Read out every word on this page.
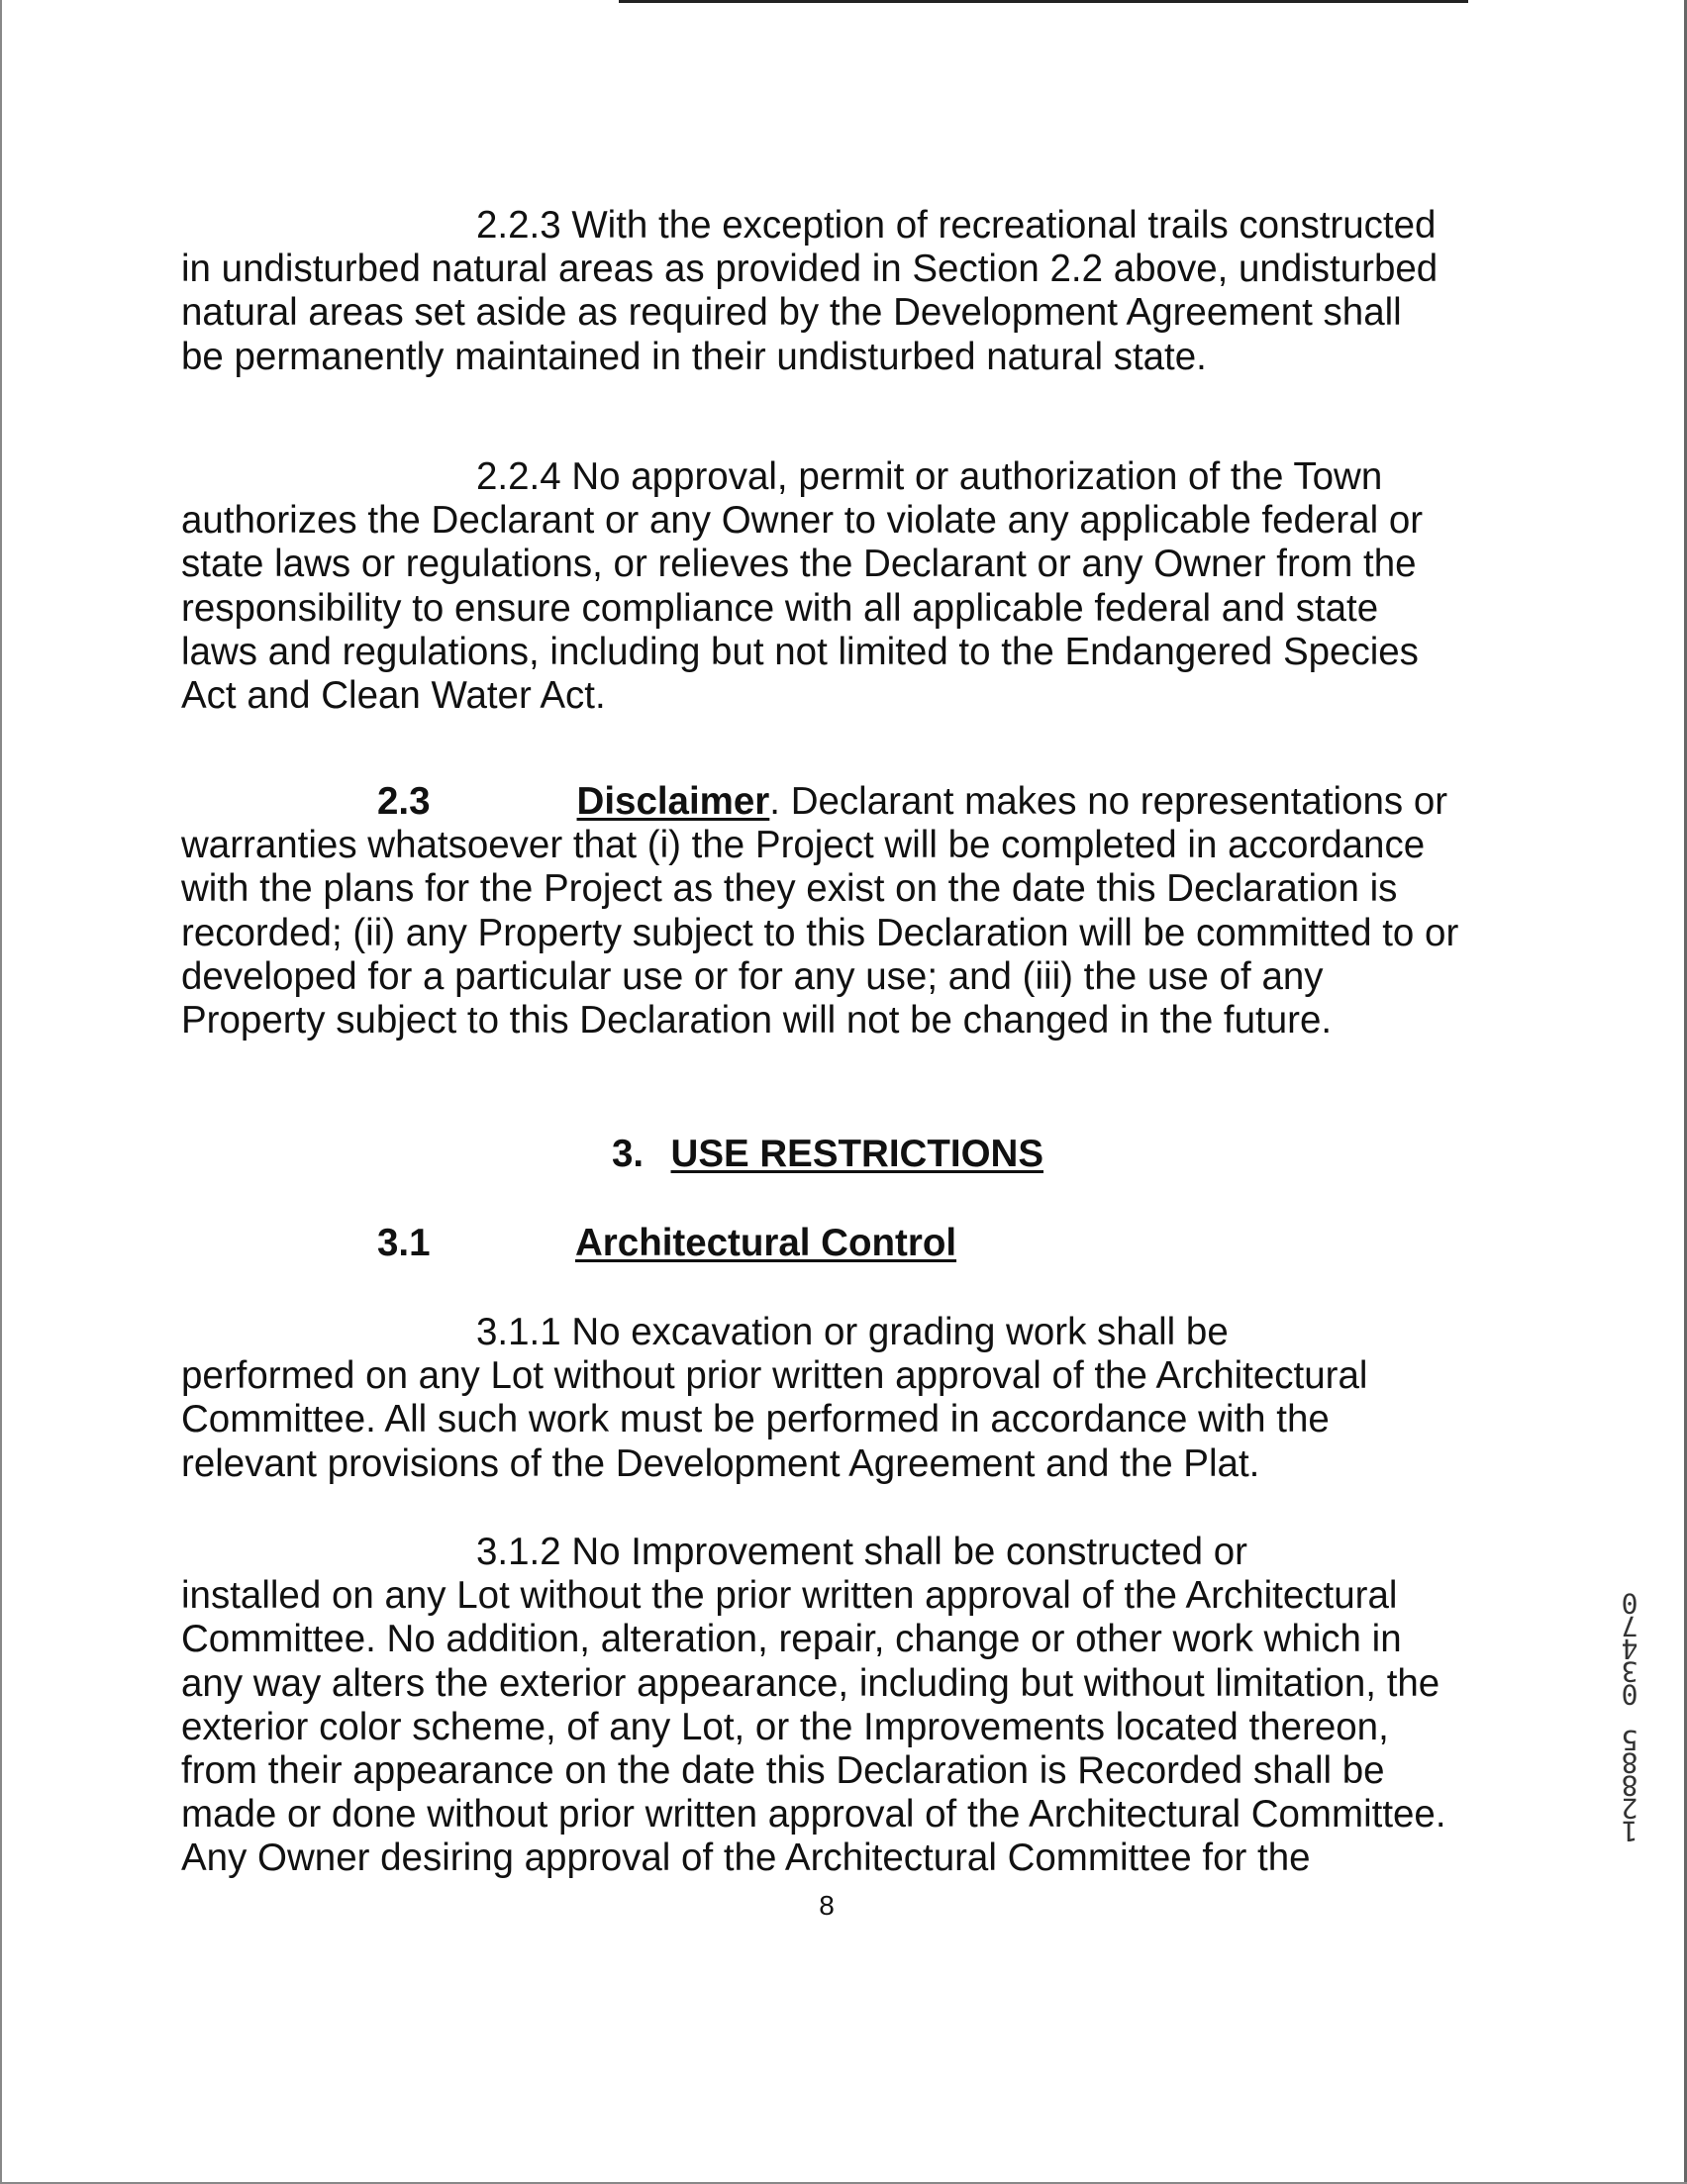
2.2.3 With the exception of recreational trails constructed
in undisturbed natural areas as provided in Section 2.2 above, undisturbed
natural areas set aside as required by the Development Agreement shall
be permanently maintained in their undisturbed natural state.
2.2.4 No approval, permit or authorization of the Town
authorizes the Declarant or any Owner to violate any applicable federal or
state laws or regulations, or relieves the Declarant or any Owner from the
responsibility to ensure compliance with all applicable federal and state
laws and regulations, including but not limited to the Endangered Species
Act and Clean Water Act.
2.3	Disclaimer. Declarant makes no representations or
warranties whatsoever that (i) the Project will be completed in accordance
with the plans for the Project as they exist on the date this Declaration is
recorded; (ii) any Property subject to this Declaration will be committed to or
developed for a particular use or for any use; and (iii) the use of any
Property subject to this Declaration will not be changed in the future.
3. USE RESTRICTIONS
3.1	Architectural Control
3.1.1 No excavation or grading work shall be
performed on any Lot without prior written approval of the Architectural
Committee. All such work must be performed in accordance with the
relevant provisions of the Development Agreement and the Plat.
3.1.2 No Improvement shall be constructed or
installed on any Lot without the prior written approval of the Architectural
Committee. No addition, alteration, repair, change or other work which in
any way alters the exterior appearance, including but without limitation, the
exterior color scheme, of any Lot, or the Improvements located thereon,
from their appearance on the date this Declaration is Recorded shall be
made or done without prior written approval of the Architectural Committee.
Any Owner desiring approval of the Architectural Committee for the
8
1
2
8
8
5

0
3
4
7
0
